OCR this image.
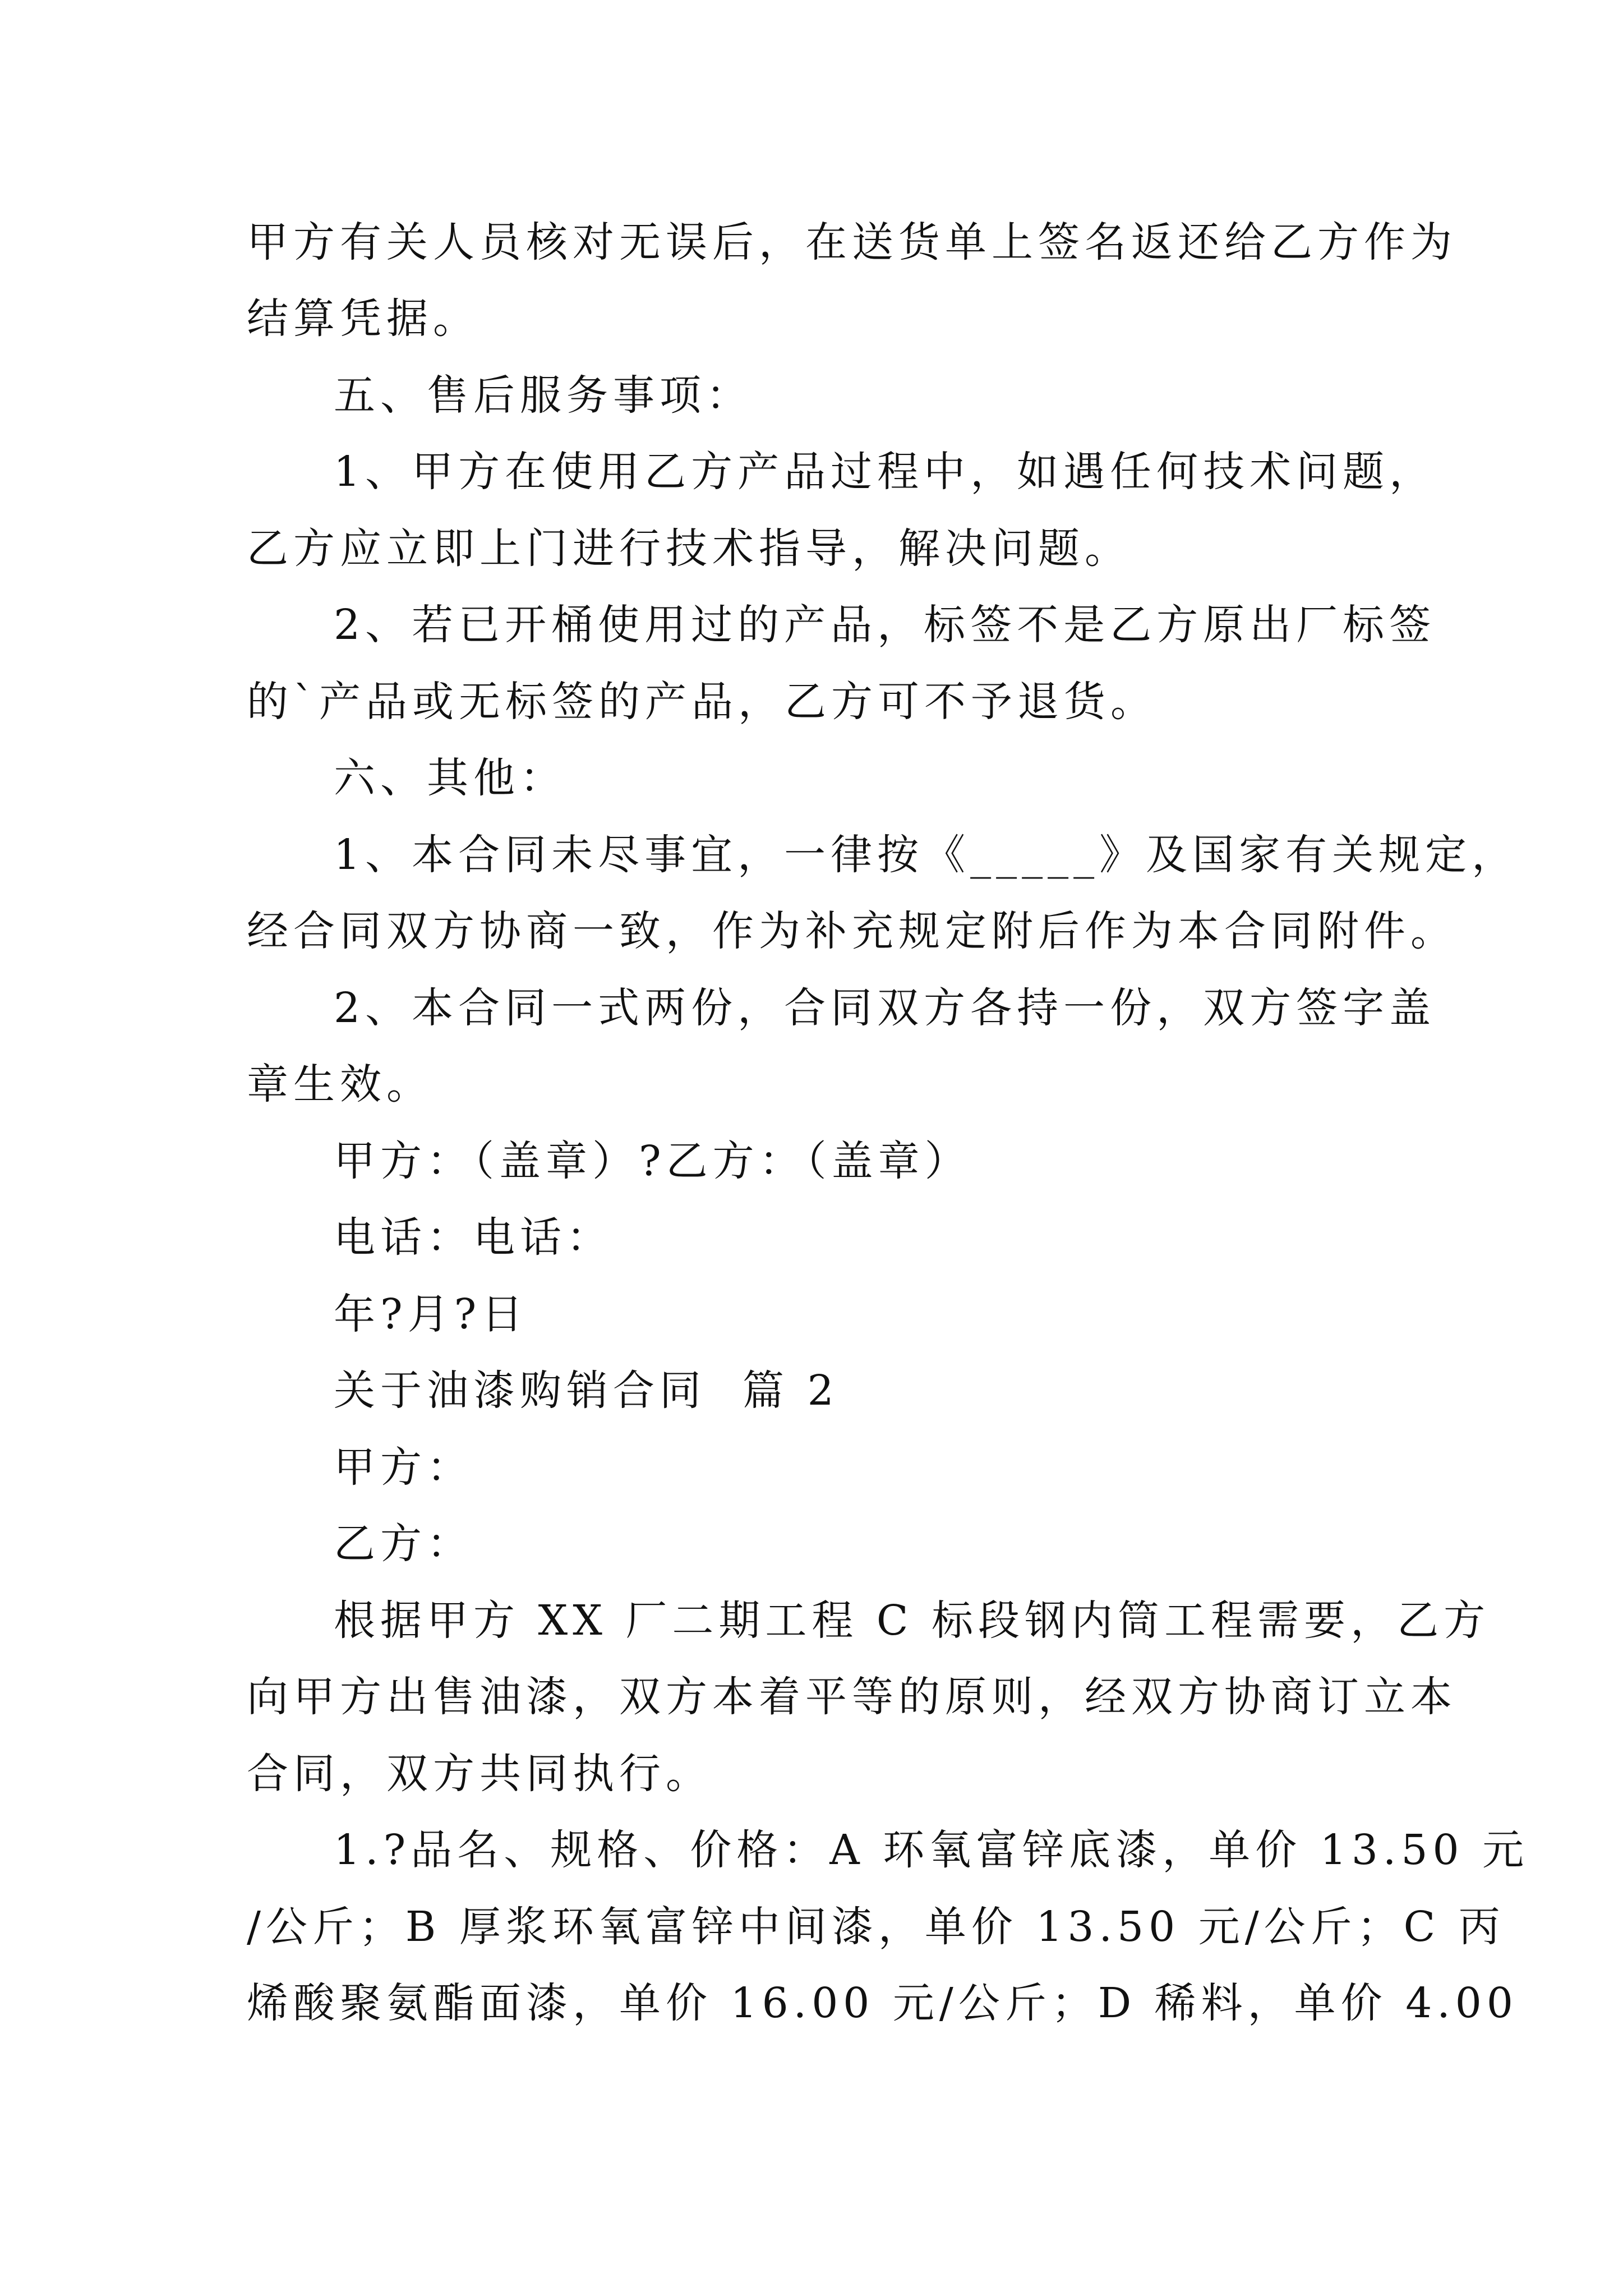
甲方有关人员核对无误后，在送货单上签名返还给乙方作为
结算凭据。
五、售后服务事项：
1、甲方在使用乙方产品过程中，如遇任何技术问题，
乙方应立即上门进行技术指导，解决问题。
2、若已开桶使用过的产品，标签不是乙方原出厂标签
的`产品或无标签的产品，乙方可不予退货。
六、其他：
1、本合同未尽事宜，一律按《_____》及国家有关规定，
经合同双方协商一致，作为补充规定附后作为本合同附件。
2、本合同一式两份，合同双方各持一份，双方签字盖
章生效。
甲方：（盖章）?乙方：（盖章）
电话：电话：
年?月?日
关于油漆购销合同  篇 2
甲方：
乙方：
根据甲方 XX 厂二期工程 C 标段钢内筒工程需要，乙方
向甲方出售油漆，双方本着平等的原则，经双方协商订立本
合同，双方共同执行。
1.?品名、规格、价格：A 环氧富锌底漆，单价 13.50 元
/公斤；B 厚浆环氧富锌中间漆，单价 13.50 元/公斤；C 丙
烯酸聚氨酯面漆，单价 16.00 元/公斤；D 稀料，单价 4.00
